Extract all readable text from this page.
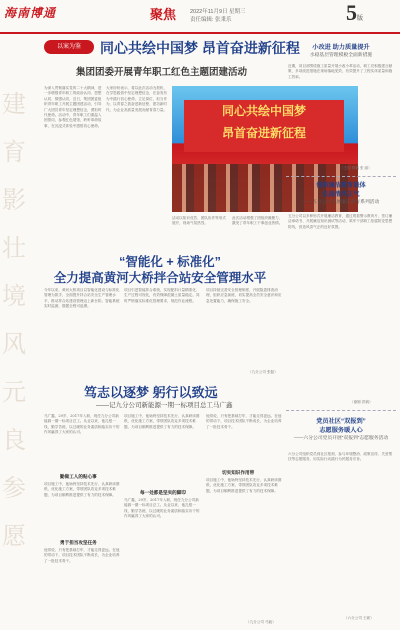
海南博通	聚焦	2022年11月9日 星期三
责任编辑: 张秉乐	5版
建
育
影
壮
境
风
元
良
参
愿
以案为鉴	同心共绘中国梦 昂首奋进新征程
集团团委开展青年职工红色主题团建活动
为深入贯彻落实党的二十大精神，进一步增强青年职工的政治认同、思想认同、情感认同，近日，集团团委组织青年职工开展主题团建活动，引导广大团员青年坚定理想信念，勇担时代使命。活动中，青年职工们重温入团誓词，参观红色展馆，聆听革命故事，在沉浸式体验中感悟初心使命。
大家纷纷表示，将以此次活动为契机，在学思践悟中坚定理想信念，在奋发有为中践行初心使命，立足岗位、担当作为，以青春之我奋进新征程、建功新时代，为企业高质量发展贡献青春力量。	同心共绘中国梦
昂首奋进新征程
活动以知识竞答、团队协作等形式展开，现场气氛热烈。
此次活动增强了团组织凝聚力，激发了青年职工干事创业热情。
小改进 助力质量提升
水稳基层管理模板全面新措施
近期，项目部围绕施工质量开展小改小革活动，职工们积极建言献策，多项改进措施在现场落地见效，有效提升了工程实体质量和施工效率。
（王钊 供稿 张 丽）
创新廉洁教育载体
弘扬清风正气
——五分公司开展廉洁教育系列活动
五分公司以多种形式开展廉洁教育，通过观看警示教育片、签订廉洁承诺书、开展廉洁知识测试等活动，筑牢干部职工拒腐防变思想防线，营造风清气正的良好氛围。
（谢刚 供稿）
党员社区“双报到”
志愿服务暖人心
——六分公司党员开展“双报到”志愿服务活动
六分公司组织党员到社区报到，参与环境整治、政策宣传、关爱帮扶等志愿服务，用实际行动践行为民服务宗旨。
（六分公司 王硕）
“智能化 + 标准化”
全力提高黄河大桥拌合站安全管理水平
今年以来，黄河大桥项目以智能化建设与标准化管理为抓手，全面提升拌合站安全生产管理水平，推动拌合站建设管理迈上新台阶。智能系统实时监测，数据全程可追溯。
项目引进智能拌合系统，实现配料计量精准化、生产过程可视化，有效保障混凝土质量稳定。同时严格落实标准化管理要求，规范作业流程。
项目持续完善安全管理制度，开展隐患排查治理，组织应急演练，切实提高全员安全意识和应急处置能力，确保施工安全。
（九分公司 张磊）
笃志以逐梦 躬行以致远
——记九分公司新能源一期一标项目总工马广鑫
马广鑫，29岁，2017年入职，现任九分公司新能源一期一标项目总工。从业以来，他扎根一线，勤学苦练，以过硬的业务素质和踏实肯干的作风赢得了大家的认可。
勤做工人的贴心事
项目施工中，他始终坚持技术先行，认真研读图纸，优化施工方案，带领团队攻克多项技术难题，为项目顺利推进提供了有力的技术保障。
勇于担当攻坚任务
他常说，只有把基础打牢，才能走得更远。在他的带动下，项目技术团队不断成长，为企业培养了一批技术骨干。
项目施工中，他始终坚持技术先行，认真研读图纸，优化施工方案，带领团队攻克多项技术难题，为项目顺利推进提供了有力的技术保障。
每一处都是坚实的脚印
马广鑫，29岁，2017年入职，现任九分公司新能源一期一标项目总工。从业以来，他扎根一线，勤学苦练，以过硬的业务素质和踏实肯干的作风赢得了大家的认可。
他常说，只有把基础打牢，才能走得更远。在他的带动下，项目技术团队不断成长，为企业培养了一批技术骨干。
切实知识作用带
项目施工中，他始终坚持技术先行，认真研读图纸，优化施工方案，带领团队攻克多项技术难题，为项目顺利推进提供了有力的技术保障。
（九分公司 马毅）
